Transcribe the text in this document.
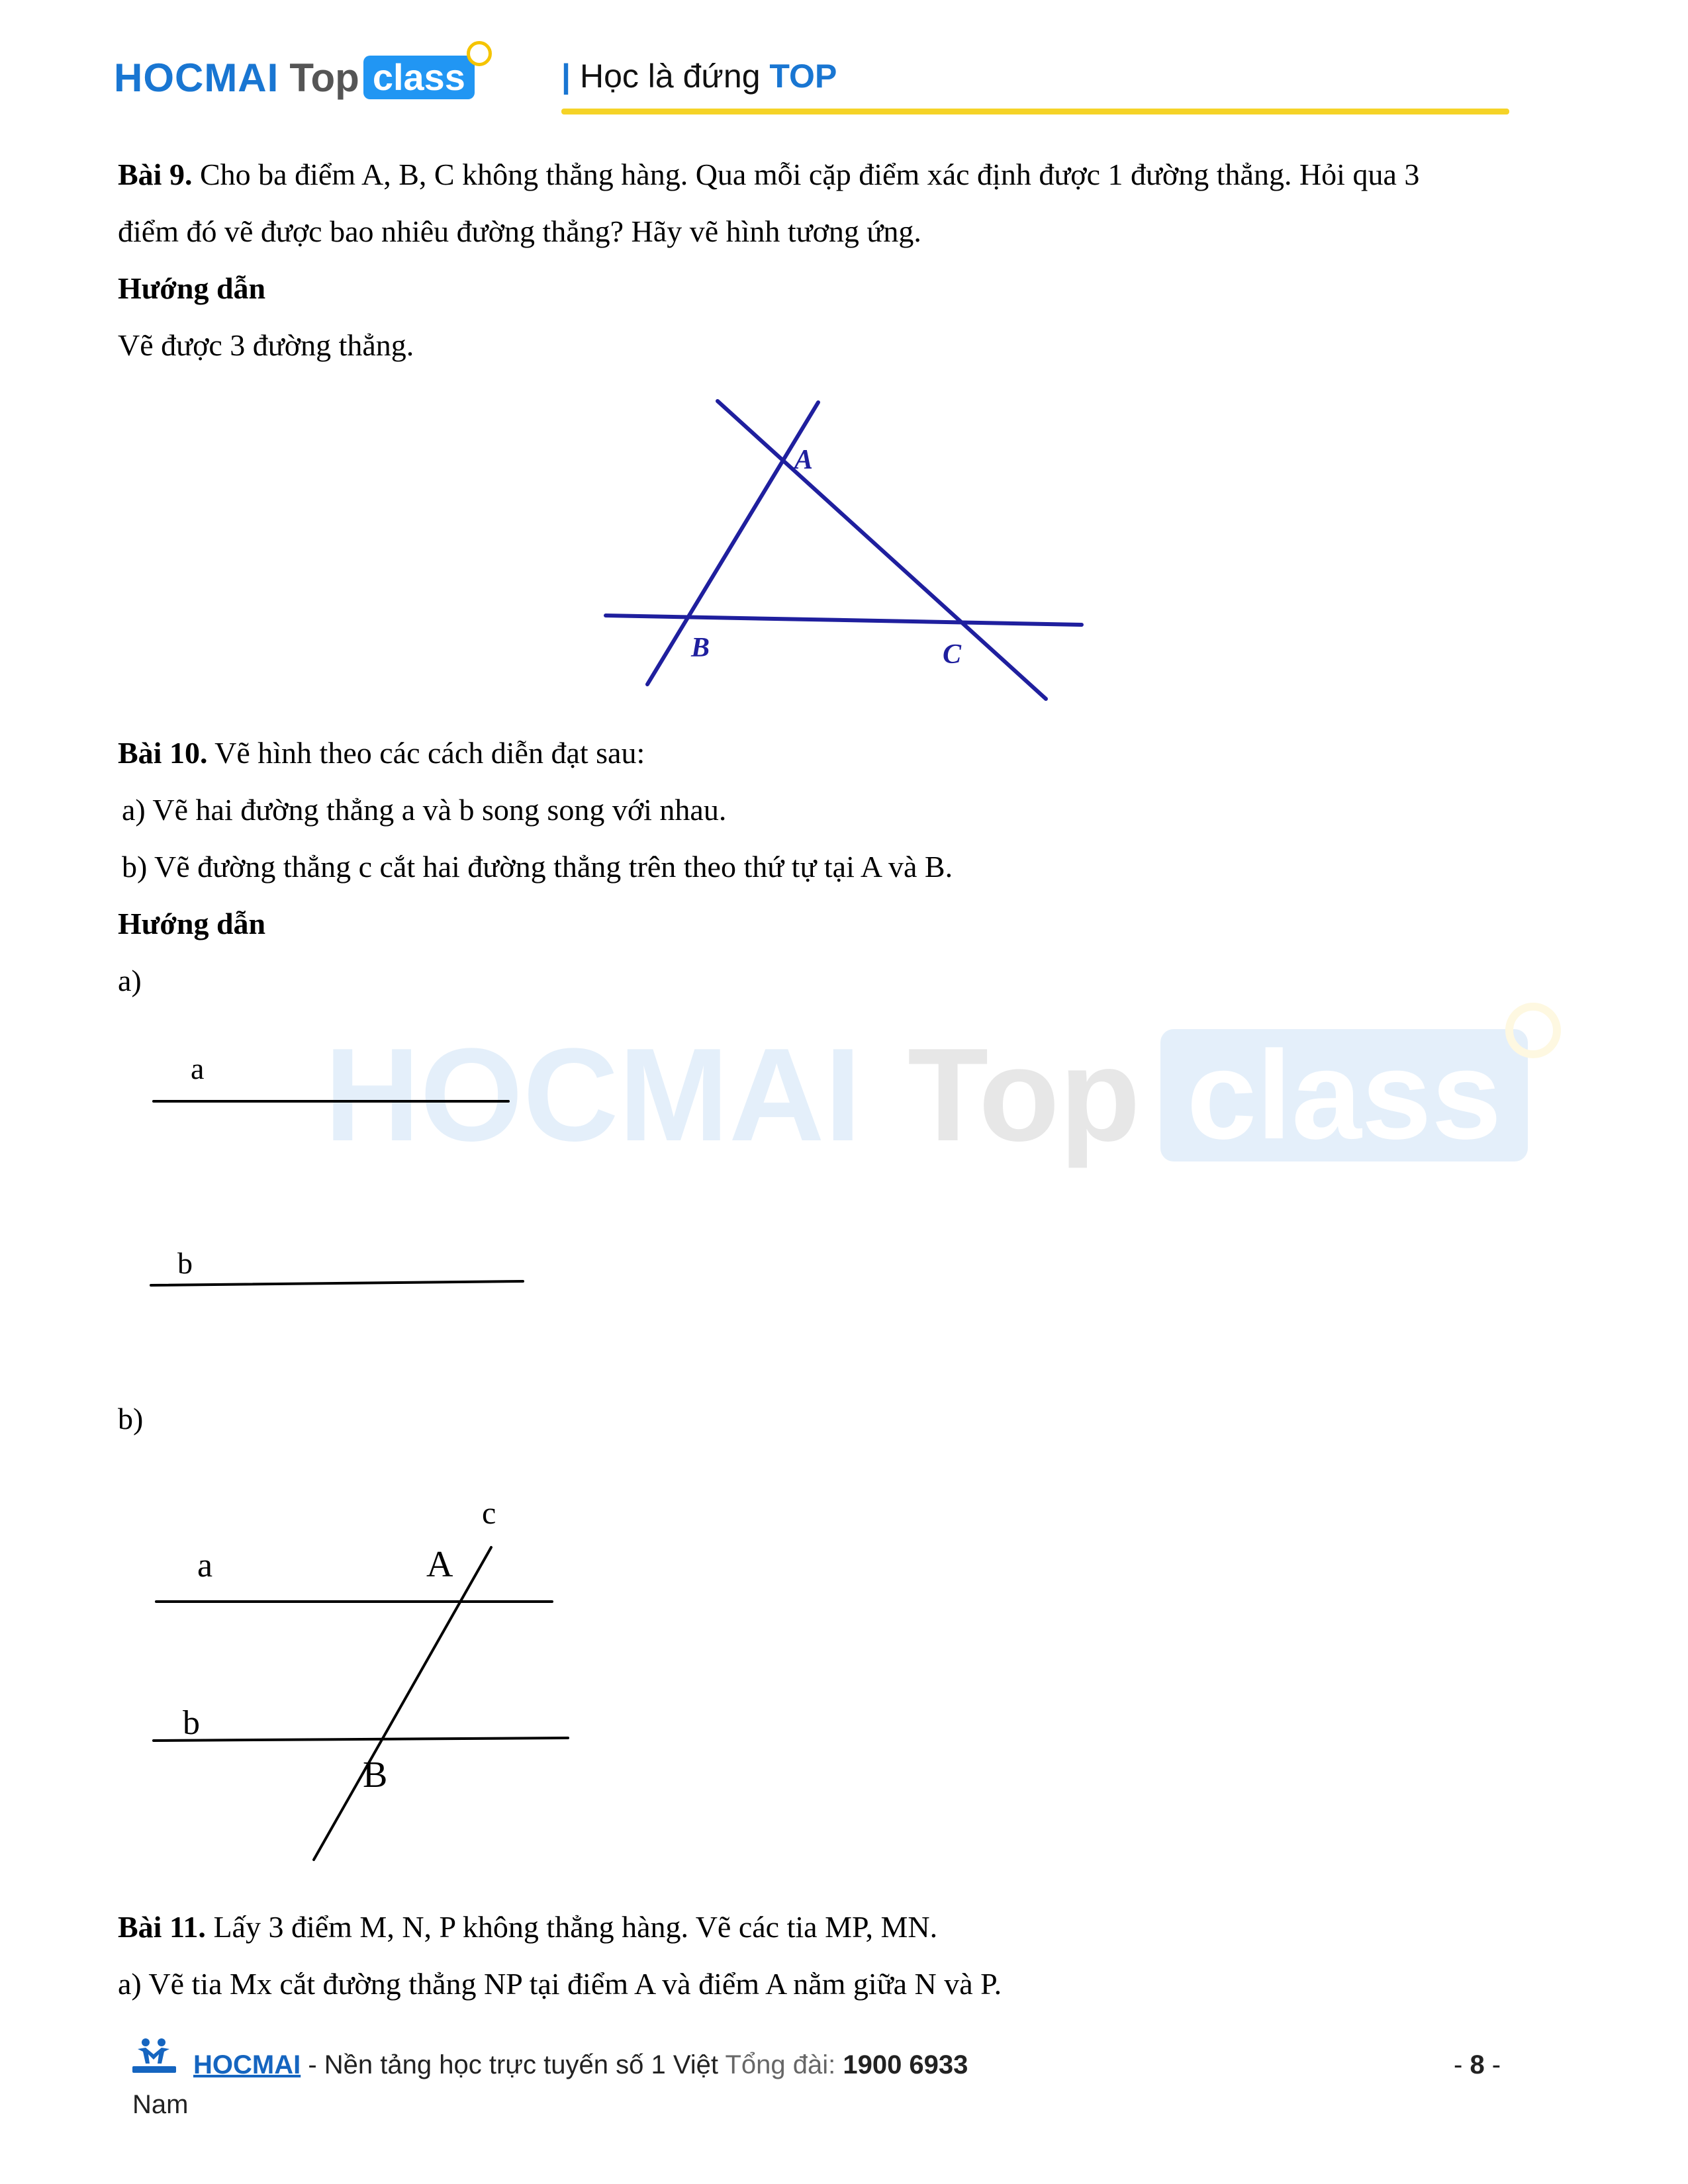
HOCMAI Top class	| Học là đứng TOP
HOCMAI Top class
Bài 9. Cho ba điểm A, B, C không thẳng hàng. Qua mỗi cặp điểm xác định được 1 đường thẳng. Hỏi qua 3
điểm đó vẽ được bao nhiêu đường thẳng? Hãy vẽ hình tương ứng.
Hướng dẫn
Vẽ được 3 đường thẳng.
A
B	C
Bài 10. Vẽ hình theo các cách diễn đạt sau:
a) Vẽ hai đường thẳng a và b song song với nhau.
b) Vẽ đường thẳng c cắt hai đường thẳng trên theo thứ tự tại A và B.
Hướng dẫn
a)
a
b
b)
c
a	A
b
B
Bài 11. Lấy 3 điểm M, N, P không thẳng hàng. Vẽ các tia MP, MN.
a) Vẽ tia Mx cắt đường thẳng NP tại điểm A và điểm A nằm giữa N và P.
HOCMAI - Nền tảng học trực tuyến số 1 Việt Tổng đài: 1900 6933	- 8 -
Nam
